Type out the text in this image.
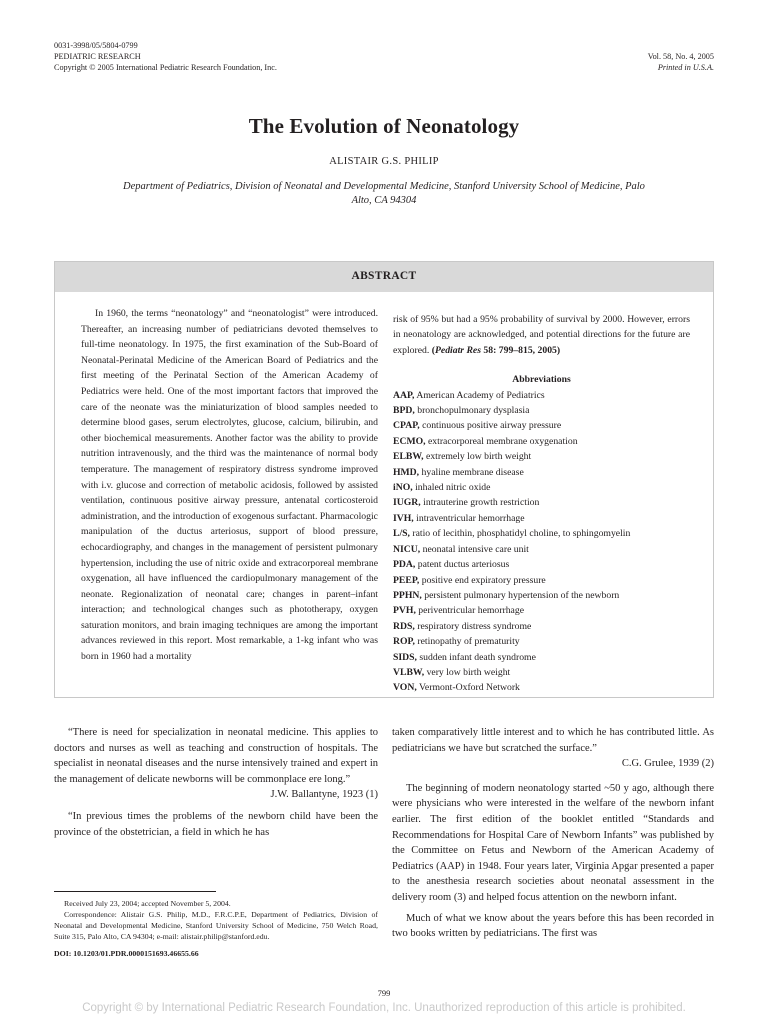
0031-3998/05/5804-0799
PEDIATRIC RESEARCH
Copyright © 2005 International Pediatric Research Foundation, Inc.
Vol. 58, No. 4, 2005
Printed in U.S.A.
The Evolution of Neonatology
ALISTAIR G.S. PHILIP
Department of Pediatrics, Division of Neonatal and Developmental Medicine, Stanford University School of Medicine, Palo Alto, CA 94304
ABSTRACT

In 1960, the terms “neonatology” and “neonatologist” were introduced. Thereafter, an increasing number of pediatricians devoted themselves to full-time neonatology. In 1975, the first examination of the Sub-Board of Neonatal-Perinatal Medicine of the American Board of Pediatrics and the first meeting of the Perinatal Section of the American Academy of Pediatrics were held. One of the most important factors that improved the care of the neonate was the miniaturization of blood samples needed to determine blood gases, serum electrolytes, glucose, calcium, bilirubin, and other biochemical measurements. Another factor was the ability to provide nutrition intravenously, and the third was the maintenance of normal body temperature. The management of respiratory distress syndrome improved with i.v. glucose and correction of metabolic acidosis, followed by assisted ventilation, continuous positive airway pressure, antenatal corticosteroid administration, and the introduction of exogenous surfactant. Pharmacologic manipulation of the ductus arteriosus, support of blood pressure, echocardiography, and changes in the management of persistent pulmonary hypertension, including the use of nitric oxide and extracorporeal membrane oxygenation, all have influenced the cardiopulmonary management of the neonate. Regionalization of neonatal care; changes in parent–infant interaction; and technological changes such as phototherapy, oxygen saturation monitors, and brain imaging techniques are among the important advances reviewed in this report. Most remarkable, a 1-kg infant who was born in 1960 had a mortality

risk of 95% but had a 95% probability of survival by 2000. However, errors in neonatology are acknowledged, and potential directions for the future are explored. (Pediatr Res 58: 799–815, 2005)

Abbreviations
AAP, American Academy of Pediatrics
BPD, bronchopulmonary dysplasia
CPAP, continuous positive airway pressure
ECMO, extracorporeal membrane oxygenation
ELBW, extremely low birth weight
HMD, hyaline membrane disease
iNO, inhaled nitric oxide
IUGR, intrauterine growth restriction
IVH, intraventricular hemorrhage
L/S, ratio of lecithin, phosphatidyl choline, to sphingomyelin
NICU, neonatal intensive care unit
PDA, patent ductus arteriosus
PEEP, positive end expiratory pressure
PPHN, persistent pulmonary hypertension of the newborn
PVH, periventricular hemorrhage
RDS, respiratory distress syndrome
ROP, retinopathy of prematurity
SIDS, sudden infant death syndrome
VLBW, very low birth weight
VON, Vermont-Oxford Network

“There is need for specialization in neonatal medicine. This applies to doctors and nurses as well as teaching and construction of hospitals. The specialist in neonatal diseases and the nurse intensively trained and expert in the management of delicate newborns will be commonplace ere long.”

J.W. Ballantyne, 1923 (1)

“In previous times the problems of the newborn child have been the province of the obstetrician, a field in which he has

taken comparatively little interest and to which he has contributed little. As pediatricians we have but scratched the surface.”

C.G. Grulee, 1939 (2)

The beginning of modern neonatology started ~50 y ago, although there were physicians who were interested in the welfare of the newborn infant earlier. The first edition of the booklet entitled “Standards and Recommendations for Hospital Care of Newborn Infants” was published by the Committee on Fetus and Newborn of the American Academy of Pediatrics (AAP) in 1948. Four years later, Virginia Apgar presented a paper to the anesthesia research societies about neonatal assessment in the delivery room (3) and helped focus attention on the newborn infant.

Much of what we know about the years before this has been recorded in two books written by pediatricians. The first was

Received July 23, 2004; accepted November 5, 2004.

Correspondence: Alistair G.S. Philip, M.D., F.R.C.P.E, Department of Pediatrics, Division of Neonatal and Developmental Medicine, Stanford University School of Medicine, 750 Welch Road, Suite 315, Palo Alto, CA 94304; e-mail: alistair.philip@stanford.edu.

DOI: 10.1203/01.PDR.0000151693.46655.66
799
Copyright © by International Pediatric Research Foundation, Inc. Unauthorized reproduction of this article is prohibited.
